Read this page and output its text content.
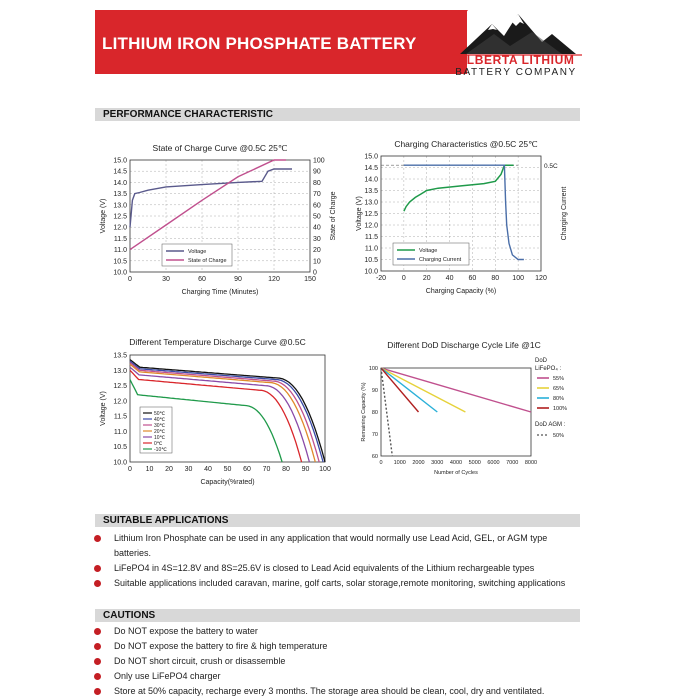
LITHIUM IRON PHOSPHATE BATTERY
ALBERTA LITHIUM
BATTERY COMPANY
PERFORMANCE CHARACTERISTIC
State of Charge Curve @0.5C 25℃
10.0
10.5
11.0
11.5
12.0
12.5
13.0
13.5
14.0
14.5
15.0
0
10
20
30
40
50
60
70
80
90
100
0	30	60	90	120	150
Charging Time (Minutes)
Voltage (V)	State of Charge
Voltage
State of Charge
Charging Characteristics @0.5C 25℃
10.0
10.5
11.0
11.5
12.0
12.5
13.0
13.5
14.0
14.5
15.0
-20 0 20 40 60 80 100 120
Charging Capacity (%)
Voltage (V)	Charging Current
0.5C
Voltage
Charging Current
Different Temperature Discharge Curve @0.5C
10.0
10.5
11.0
11.5
12.0
12.5
13.0
13.5
0 10 20 30 40 50 60 70 80 90 100
Capacity(%rated)
Voltage (V)	50℃
40℃
30℃
20℃
10℃
0℃
-10℃
Different DoD Discharge Cycle Life @1C
60
70
80
90
100
0 1000 2000 3000 4000 5000 6000 7000 8000
Number of Cycles
Remaining Capacity (%)
DoD
LiFePO₄ :
55%
65%
80%
100%
DoD AGM :
50%
SUITABLE APPLICATIONS
Lithium Iron Phosphate can be used in any application that would normally use Lead Acid, GEL, or AGM type batteries.
LiFePO4 in 4S=12.8V and 8S=25.6V is closed to Lead Acid equivalents of the Lithium rechargeable types
Suitable applications included caravan, marine, golf carts, solar storage,remote monitoring, switching applications
CAUTIONS
Do NOT expose the battery to water
Do NOT expose the battery to fire & high temperature
Do NOT short circuit, crush or disassemble
Only use LiFePO4 charger
Store at 50% capacity, recharge every 3 months. The storage area should be clean, cool, dry and ventilated.
